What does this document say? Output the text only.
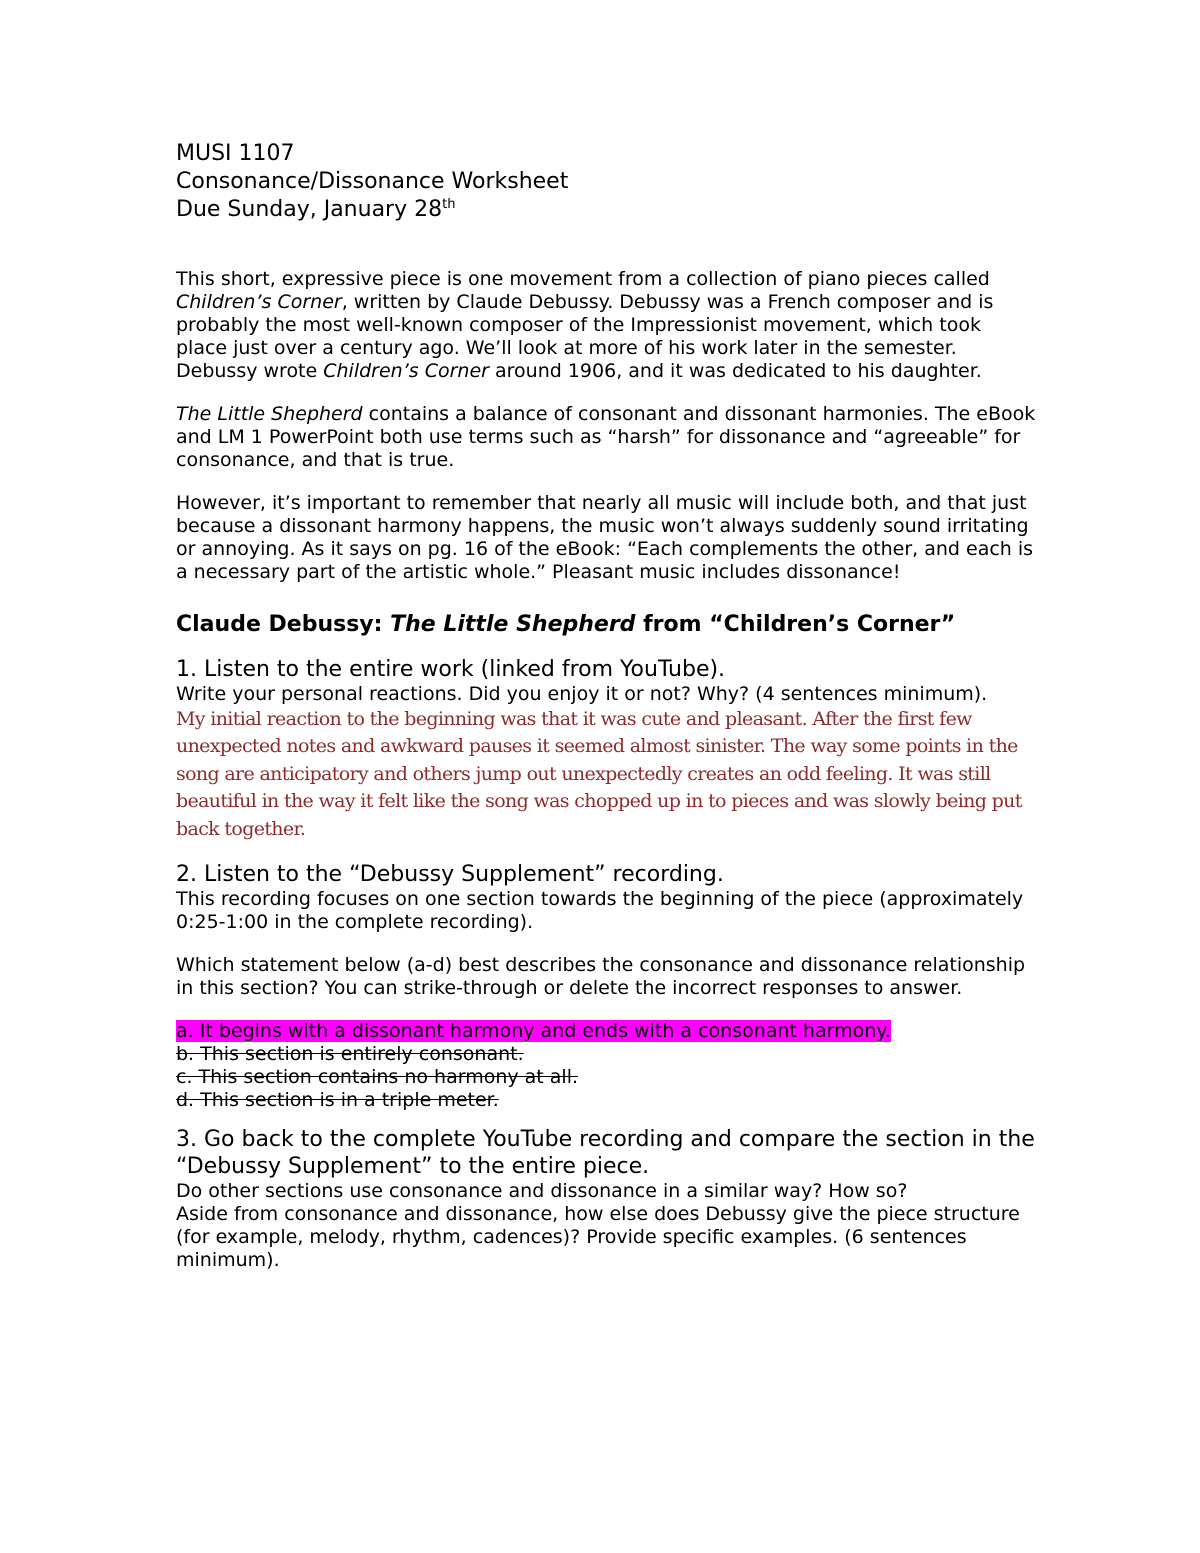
MUSI 1107
Consonance/Dissonance Worksheet
Due Sunday, January 28th

This short, expressive piece is one movement from a collection of piano pieces called Children’s Corner, written by Claude Debussy. Debussy was a French composer and is probably the most well-known composer of the Impressionist movement, which took place just over a century ago. We’ll look at more of his work later in the semester. Debussy wrote Children’s Corner around 1906, and it was dedicated to his daughter.

The Little Shepherd contains a balance of consonant and dissonant harmonies. The eBook and LM 1 PowerPoint both use terms such as “harsh” for dissonance and “agreeable” for consonance, and that is true.

However, it’s important to remember that nearly all music will include both, and that just because a dissonant harmony happens, the music won’t always suddenly sound irritating or annoying. As it says on pg. 16 of the eBook: “Each complements the other, and each is a necessary part of the artistic whole.” Pleasant music includes dissonance!

Claude Debussy: The Little Shepherd from “Children’s Corner”

1. Listen to the entire work (linked from YouTube).

Write your personal reactions. Did you enjoy it or not? Why? (4 sentences minimum).

My initial reaction to the beginning was that it was cute and pleasant. After the first few unexpected notes and awkward pauses it seemed almost sinister. The way some points in the song are anticipatory and others jump out unexpectedly creates an odd feeling. It was still beautiful in the way it felt like the song was chopped up in to pieces and was slowly being put back together.

2. Listen to the “Debussy Supplement” recording.

This recording focuses on one section towards the beginning of the piece (approximately 0:25-1:00 in the complete recording).

Which statement below (a-d) best describes the consonance and dissonance relationship in this section? You can strike-through or delete the incorrect responses to answer.

a. It begins with a dissonant harmony and ends with a consonant harmony.

b. This section is entirely consonant.

c. This section contains no harmony at all.

d. This section is in a triple meter.

3. Go back to the complete YouTube recording and compare the section in the “Debussy Supplement” to the entire piece.

Do other sections use consonance and dissonance in a similar way? How so?

Aside from consonance and dissonance, how else does Debussy give the piece structure (for example, melody, rhythm, cadences)? Provide specific examples. (6 sentences minimum).
